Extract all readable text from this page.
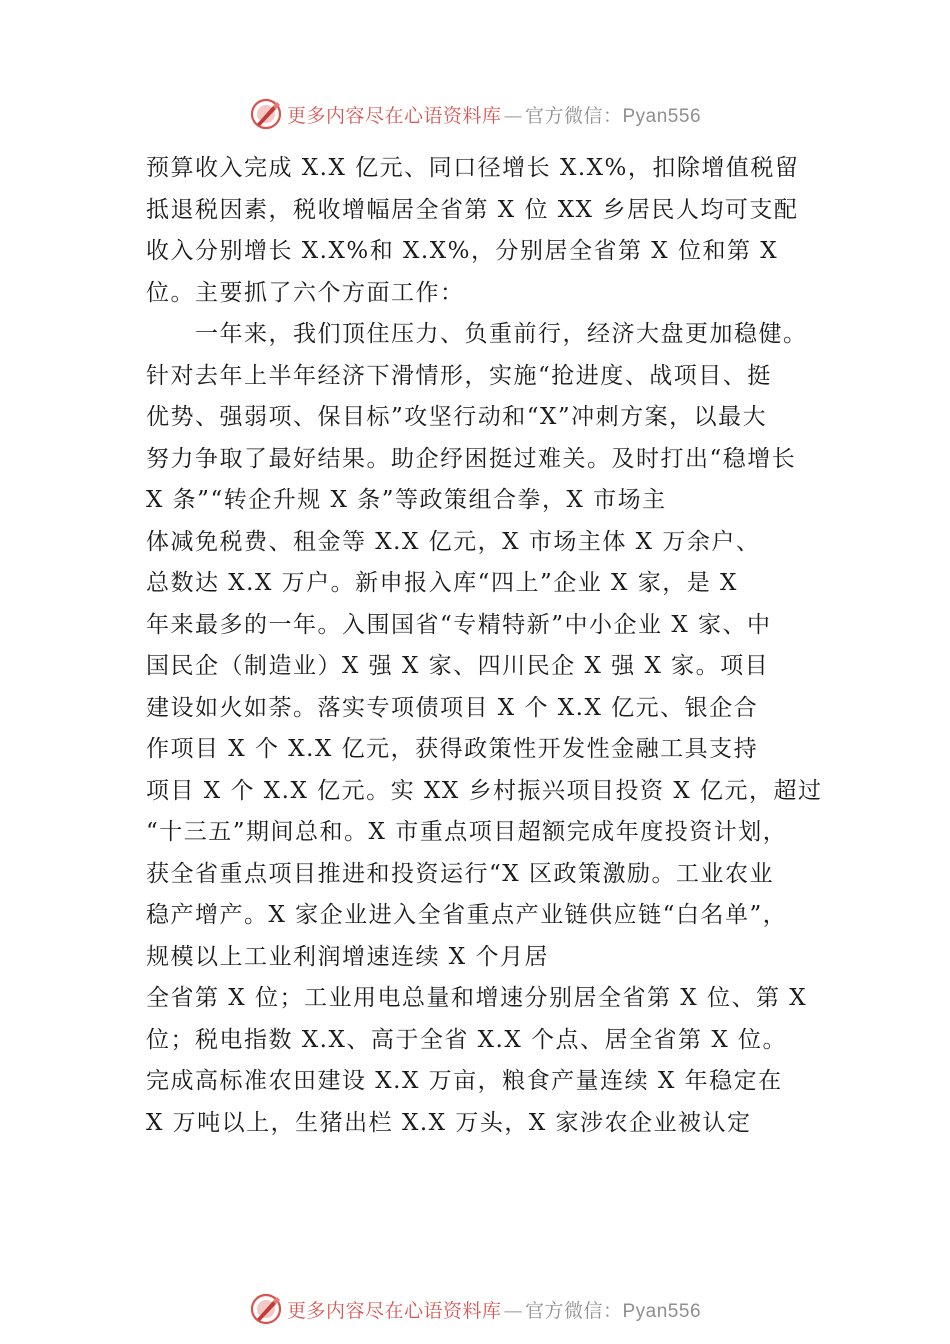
更多内容尽在心语资料库 — 官方微信：Pyan556
预算收入完成 X.X 亿元、同口径增长 X.X%，扣除增值税留
抵退税因素，税收增幅居全省第 X 位 XX 乡居民人均可支配
收入分别增长 X.X%和 X.X%，分别居全省第 X 位和第 X
位。主要抓了六个方面工作：
　　一年来，我们顶住压力、负重前行，经济大盘更加稳健。
针对去年上半年经济下滑情形，实施“抢进度、战项目、挺
优势、强弱项、保目标”攻坚行动和“X”冲刺方案，以最大
努力争取了最好结果。助企纾困挺过难关。及时打出“稳增长
X 条”“转企升规 X 条”等政策组合拳，X 市场主
体减免税费、租金等 X.X 亿元，X 市场主体 X 万余户、
总数达 X.X 万户。新申报入库“四上”企业 X 家，是 X
年来最多的一年。入围国省“专精特新”中小企业 X 家、中
国民企（制造业）X 强 X 家、四川民企 X 强 X 家。项目
建设如火如荼。落实专项债项目 X 个 X.X 亿元、银企合
作项目 X 个 X.X 亿元，获得政策性开发性金融工具支持
项目 X 个 X.X 亿元。实 XX 乡村振兴项目投资 X 亿元，超过
“十三五”期间总和。X 市重点项目超额完成年度投资计划，
获全省重点项目推进和投资运行“X 区政策激励。工业农业
稳产增产。X 家企业进入全省重点产业链供应链“白名单”，
规模以上工业利润增速连续 X 个月居
全省第 X 位；工业用电总量和增速分别居全省第 X 位、第 X
位；税电指数 X.X、高于全省 X.X 个点、居全省第 X 位。
完成高标准农田建设 X.X 万亩，粮食产量连续 X 年稳定在
X 万吨以上，生猪出栏 X.X 万头，X 家涉农企业被认定
更多内容尽在心语资料库 — 官方微信：Pyan556
